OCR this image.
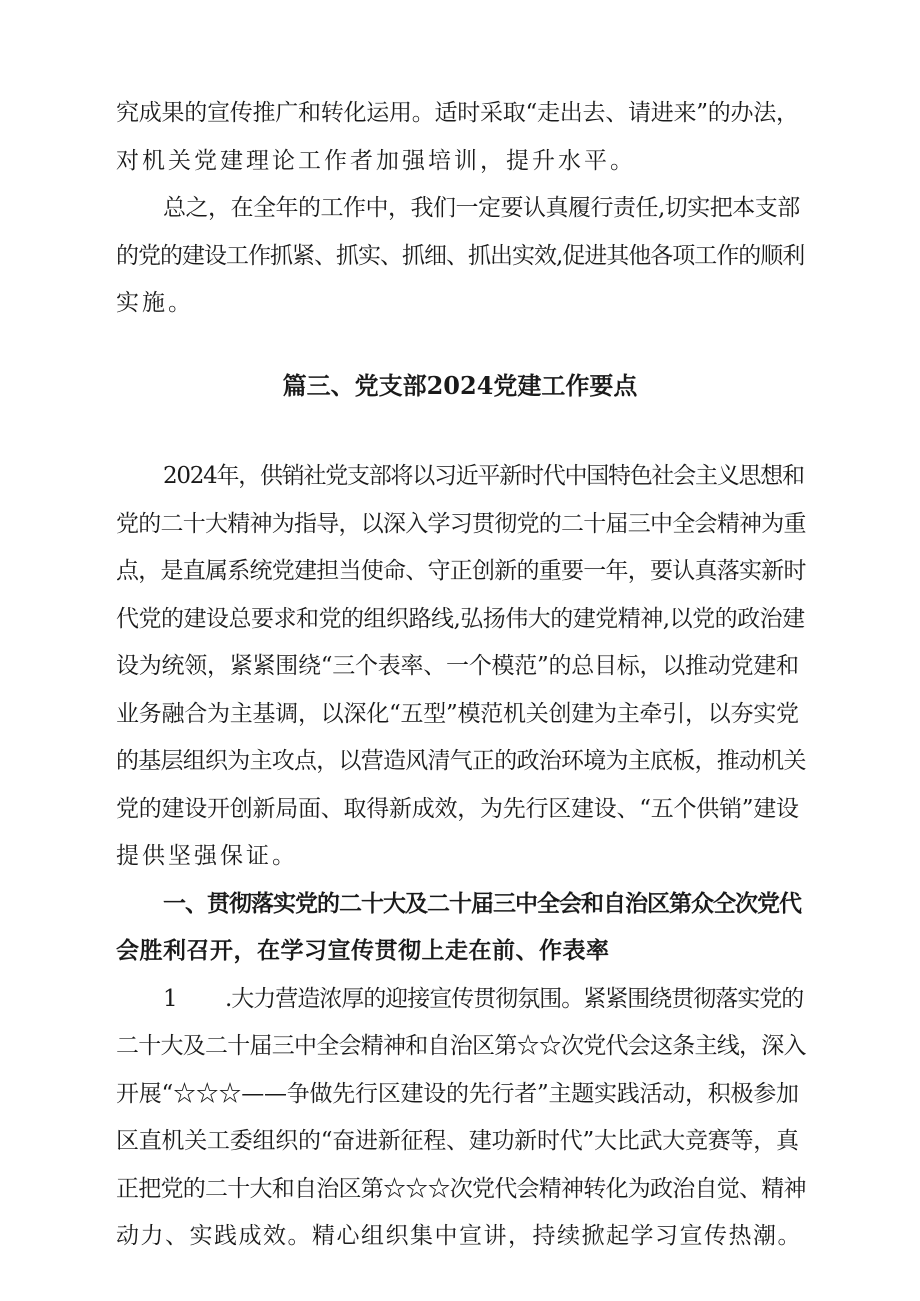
究成果的宣传推广和转化运用。适时采取“走出去、请进来”的办法，
对机关党建理论工作者加强培训，提升水平。
总之，在全年的工作中，我们一定要认真履行责任,切实把本支部
的党的建设工作抓紧、抓实、抓细、抓出实效,促进其他各项工作的顺利
实施。
篇三、党支部2024党建工作要点
2024年，供销社党支部将以习近平新时代中国特色社会主义思想和
党的二十大精神为指导，以深入学习贯彻党的二十届三中全会精神为重
点，是直属系统党建担当使命、守正创新的重要一年，要认真落实新时
代党的建设总要求和党的组织路线,弘扬伟大的建党精神,以党的政治建
设为统领，紧紧围绕“三个表率、一个模范”的总目标，以推动党建和
业务融合为主基调，以深化“五型”模范机关创建为主牵引，以夯实党
的基层组织为主攻点，以营造风清气正的政治环境为主底板，推动机关
党的建设开创新局面、取得新成效，为先行区建设、“五个供销”建设
提供坚强保证。
一、贯彻落实党的二十大及二十届三中全会和自治区第众仝次党代
会胜利召开，在学习宣传贯彻上走在前、作表率
1 .大力营造浓厚的迎接宣传贯彻氛围。紧紧围绕贯彻落实党的
二十大及二十届三中全会精神和自治区第☆☆次党代会这条主线，深入
开展“☆☆☆——争做先行区建设的先行者”主题实践活动，积极参加
区直机关工委组织的“奋进新征程、建功新时代”大比武大竞赛等，真
正把党的二十大和自治区第☆☆☆次党代会精神转化为政治自觉、精神
动力、实践成效。精心组织集中宣讲，持续掀起学习宣传热潮。
